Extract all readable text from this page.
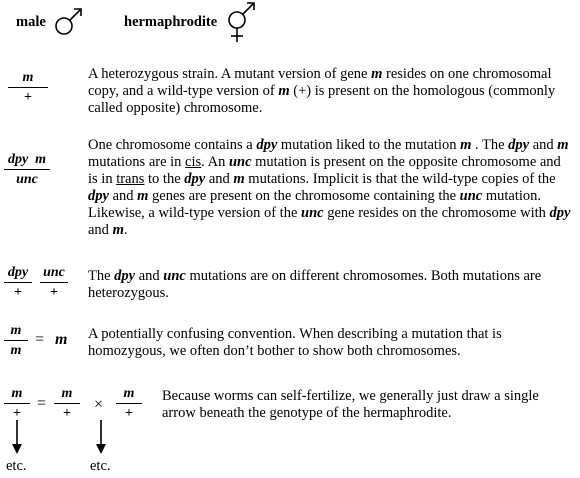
male	hermaphrodite
m
+
A heterozygous strain. A mutant version of gene m resides on one chromosomal copy, and a wild-type version of m (+) is present on the homologous (commonly called opposite) chromosome.
dpy  m
unc
One chromosome contains a dpy mutation liked to the mutation m . The dpy and m mutations are in cis. An unc mutation is present on the opposite chromosome and is in trans to the dpy and m mutations. Implicit is that the wild-type copies of the dpy and m genes are present on the chromosome containing the unc mutation. Likewise, a wild-type version of the unc gene resides on the chromosome with dpy and m.
dpy
+
unc
+
The dpy and unc mutations are on different chromosomes. Both mutations are heterozygous.
$\frac{m}{m} = m$ A potentially confusing convention. When describing a mutation that is homozygous, we often don’t bother to show both chromosomes.
m
+
=
m
+
×
m
+
Because worms can self-fertilize, we generally just draw a single arrow beneath the genotype of the hermaphrodite.
etc.	etc.
